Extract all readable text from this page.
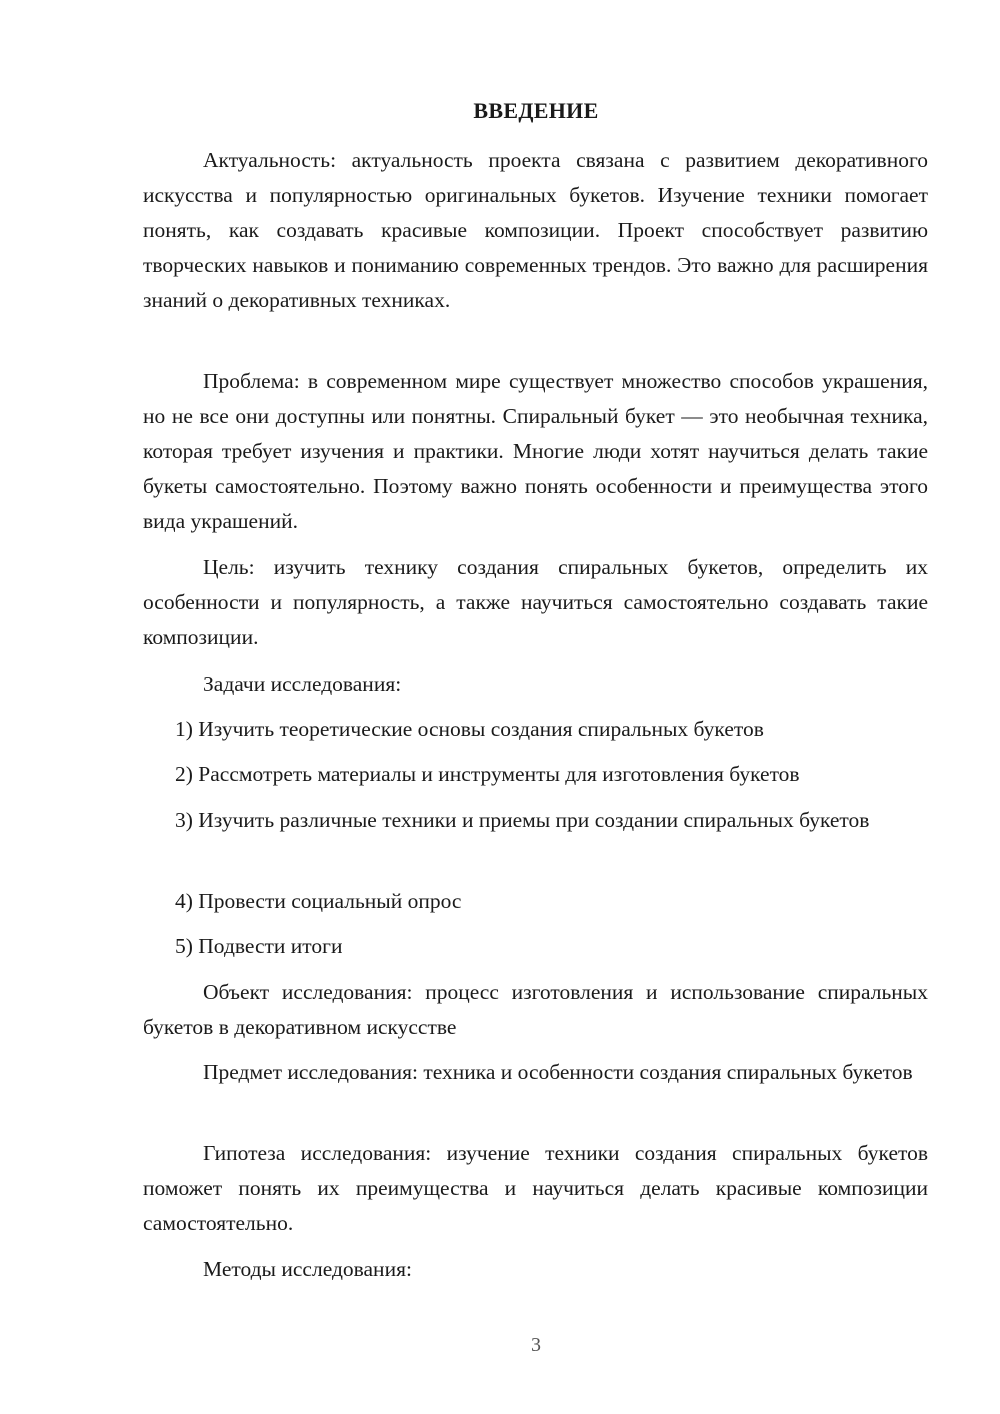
ВВЕДЕНИЕ

Актуальность: актуальность проекта связана с развитием декоративного искусства и популярностью оригинальных букетов. Изучение техники помогает понять, как создавать красивые композиции. Проект способствует развитию творческих навыков и пониманию современных трендов. Это важно для расширения знаний о декоративных техниках.

Проблема: в современном мире существует множество способов украшения, но не все они доступны или понятны. Спиральный букет — это необычная техника, которая требует изучения и практики. Многие люди хотят научиться делать такие букеты самостоятельно. Поэтому важно понять особенности и преимущества этого вида украшений.

Цель: изучить технику создания спиральных букетов, определить их особенности и популярность, а также научиться самостоятельно создавать такие композиции.

Задачи исследования:

1) Изучить теоретические основы создания спиральных букетов

2) Рассмотреть материалы и инструменты для изготовления букетов

3) Изучить различные техники и приемы при создании спиральных букетов

4) Провести социальный опрос

5) Подвести итоги

Объект исследования: процесс изготовления и использование спиральных букетов в декоративном искусстве

Предмет исследования: техника и особенности создания спиральных букетов

Гипотеза исследования: изучение техники создания спиральных букетов поможет понять их преимущества и научиться делать красивые композиции самостоятельно.

Методы исследования:

3
